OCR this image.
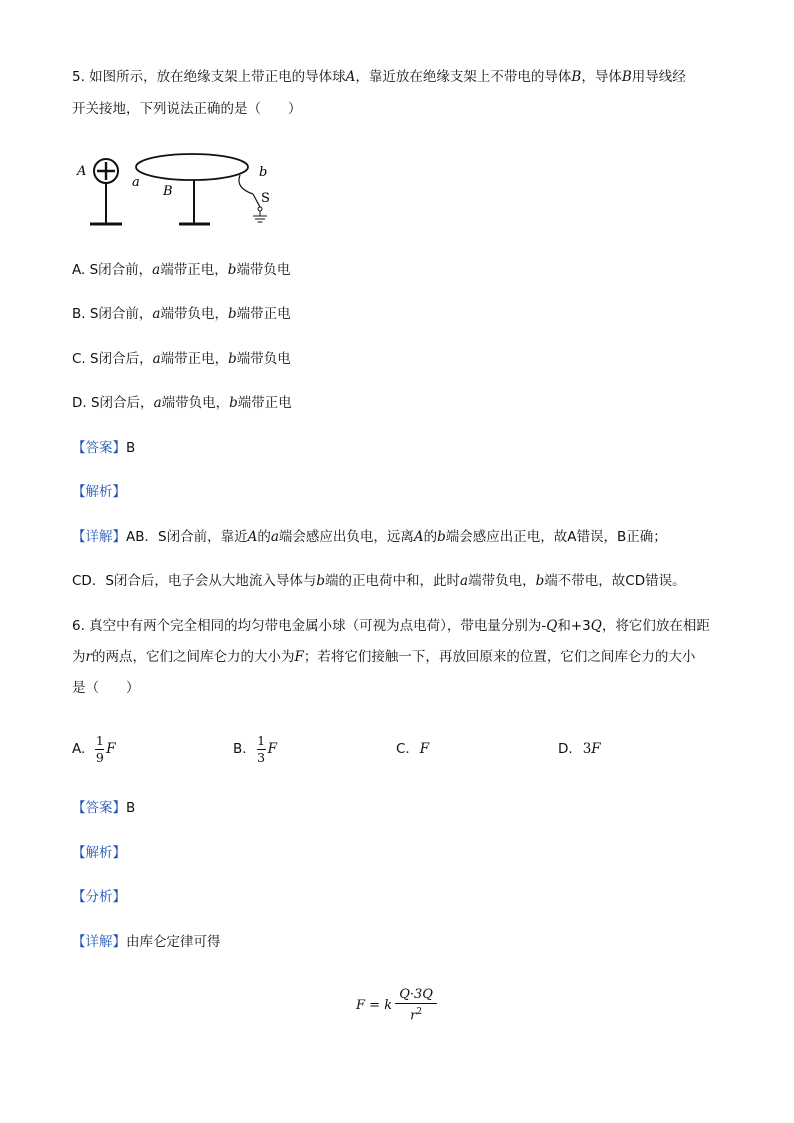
5. 如图所示，放在绝缘支架上带正电的导体球A，靠近放在绝缘支架上不带电的导体B，导体B用导线经
开关接地，下列说法正确的是（　　）
A
a
B
b
S
A. S闭合前，a端带正电，b端带负电
B. S闭合前，a端带负电，b端带正电
C. S闭合后，a端带正电，b端带负电
D. S闭合后，a端带负电，b端带正电
【答案】B
【解析】
【详解】AB．S闭合前，靠近A的a端会感应出负电，远离A的b端会感应出正电，故A错误，B正确；
CD．S闭合后，电子会从大地流入导体与b端的正电荷中和，此时a端带负电，b端不带电，故CD错误。
6. 真空中有两个完全相同的均匀带电金属小球（可视为点电荷），带电量分别为-Q和+3Q，将它们放在相距
为r的两点，它们之间库仑力的大小为F；若将它们接触一下，再放回原来的位置，它们之间库仑力的大小
是（　　）
A. $\frac{1}{9}$ F	B. $\frac{1}{3}$ F	C. F	D. 3 F
【答案】B
【解析】
【分析】
【详解】由库仑定律可得
F = k
Q·3Q
$r^2$
